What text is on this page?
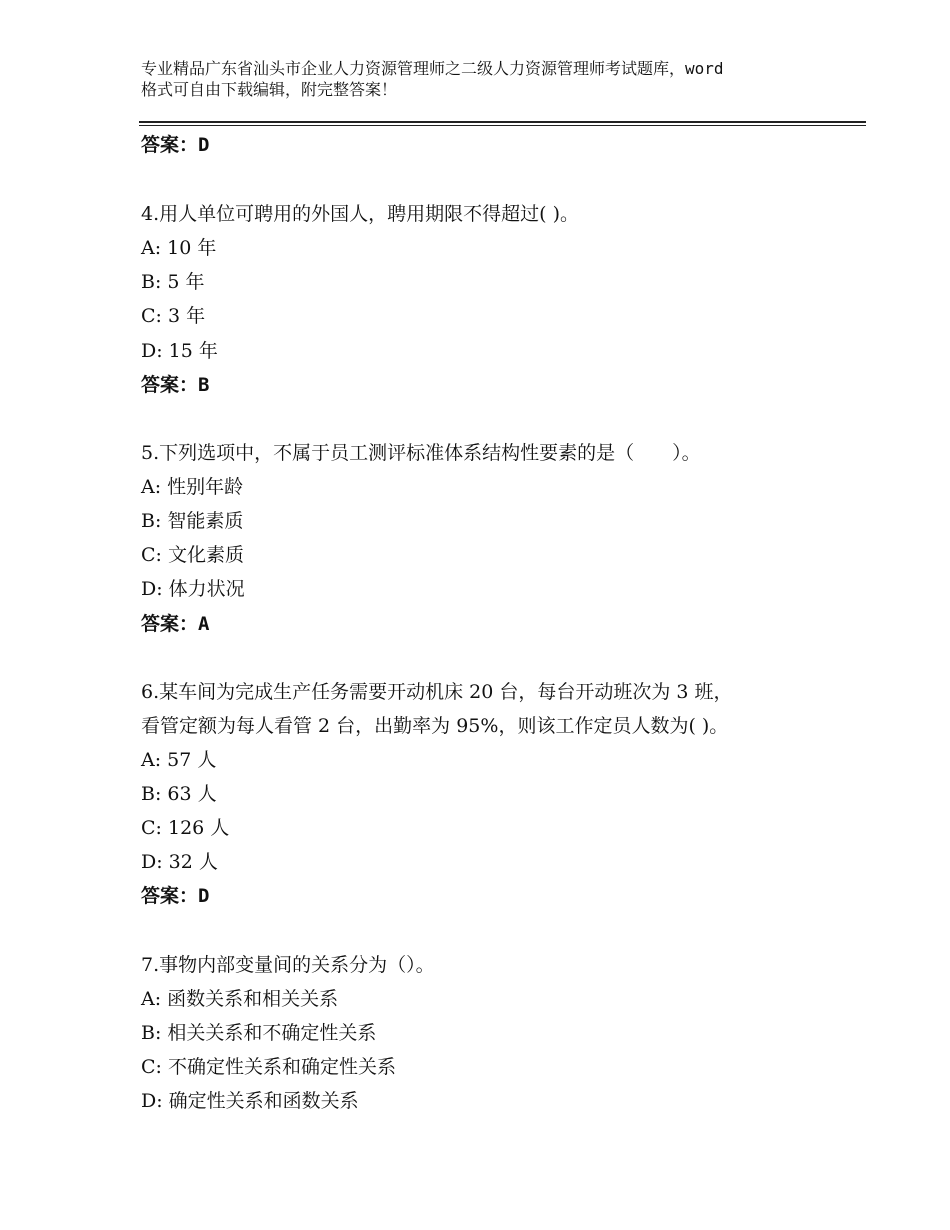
专业精品广东省汕头市企业人力资源管理师之二级人力资源管理师考试题库，word
格式可自由下载编辑，附完整答案！
答案：D
4.用人单位可聘用的外国人，聘用期限不得超过( )。
A: 10 年
B: 5 年
C: 3 年
D: 15 年
答案：B
5.下列选项中，不属于员工测评标准体系结构性要素的是（　　）。
A: 性别年龄
B: 智能素质
C: 文化素质
D: 体力状况
答案：A
6.某车间为完成生产任务需要开动机床 20 台，每台开动班次为 3 班，
看管定额为每人看管 2 台，出勤率为 95%，则该工作定员人数为( )。
A: 57 人
B: 63 人
C: 126 人
D: 32 人
答案：D
7.事物内部变量间的关系分为（）。
A: 函数关系和相关关系
B: 相关关系和不确定性关系
C: 不确定性关系和确定性关系
D: 确定性关系和函数关系
